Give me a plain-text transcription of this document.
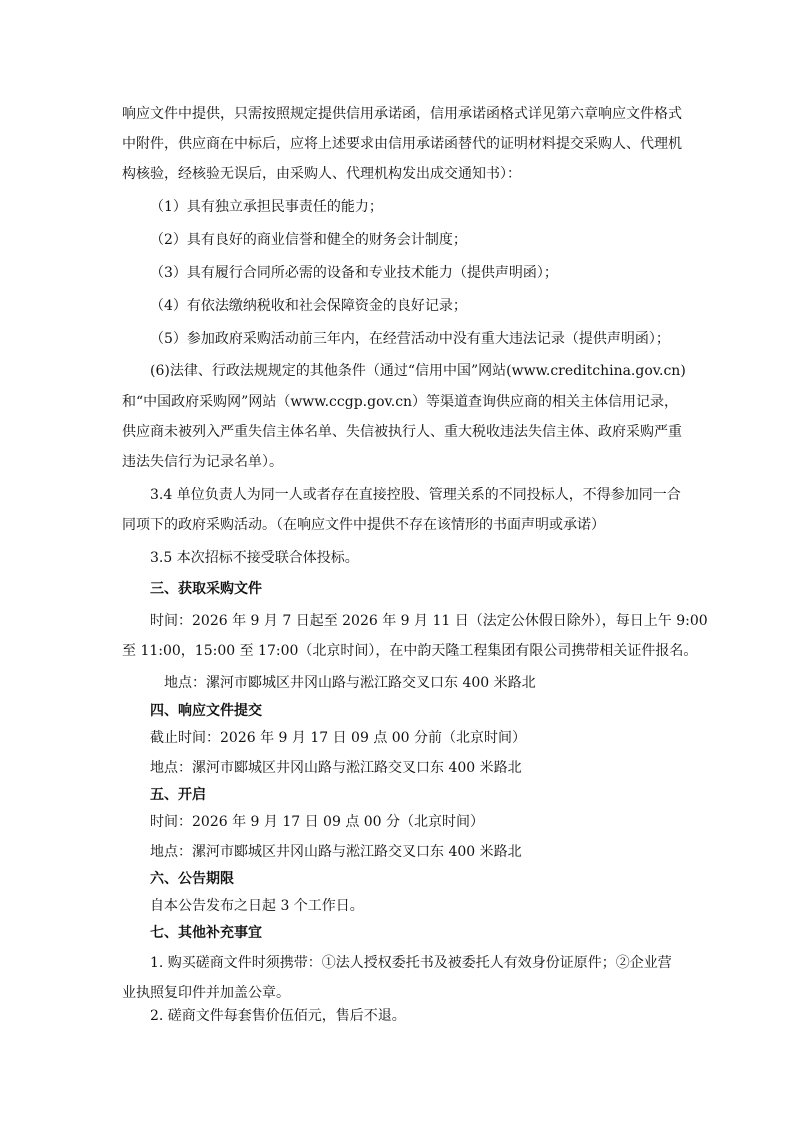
响应文件中提供，只需按照规定提供信用承诺函，信用承诺函格式详见第六章响应文件格式
中附件，供应商在中标后，应将上述要求由信用承诺函替代的证明材料提交采购人、代理机
构核验，经核验无误后，由采购人、代理机构发出成交通知书）：
（1）具有独立承担民事责任的能力；
（2）具有良好的商业信誉和健全的财务会计制度；
（3）具有履行合同所必需的设备和专业技术能力（提供声明函）；
（4）有依法缴纳税收和社会保障资金的良好记录；
（5）参加政府采购活动前三年内，在经营活动中没有重大违法记录（提供声明函）；
(6)法律、行政法规规定的其他条件（通过“信用中国”网站(www.creditchina.gov.cn)
和“中国政府采购网”网站（www.ccgp.gov.cn）等渠道查询供应商的相关主体信用记录，
供应商未被列入严重失信主体名单、失信被执行人、重大税收违法失信主体、政府采购严重
违法失信行为记录名单）。
3.4 单位负责人为同一人或者存在直接控股、管理关系的不同投标人，不得参加同一合
同项下的政府采购活动。（在响应文件中提供不存在该情形的书面声明或承诺）
3.5 本次招标不接受联合体投标。
三、获取采购文件
时间：2026 年 9 月 7 日起至 2026 年 9 月 11 日（法定公休假日除外），每日上午 9:00
至 11:00，15:00 至 17:00（北京时间），在中韵天隆工程集团有限公司携带相关证件报名。
地点：漯河市郾城区井冈山路与淞江路交叉口东 400 米路北
四、响应文件提交
截止时间：2026 年 9 月 17 日 09 点 00 分前（北京时间）
地点：漯河市郾城区井冈山路与淞江路交叉口东 400 米路北
五、开启
时间：2026 年 9 月 17 日 09 点 00 分（北京时间）
地点：漯河市郾城区井冈山路与淞江路交叉口东 400 米路北
六、公告期限
自本公告发布之日起 3 个工作日。
七、其他补充事宜
1. 购买磋商文件时须携带：①法人授权委托书及被委托人有效身份证原件；②企业营
业执照复印件并加盖公章。
2. 磋商文件每套售价伍佰元，售后不退。
